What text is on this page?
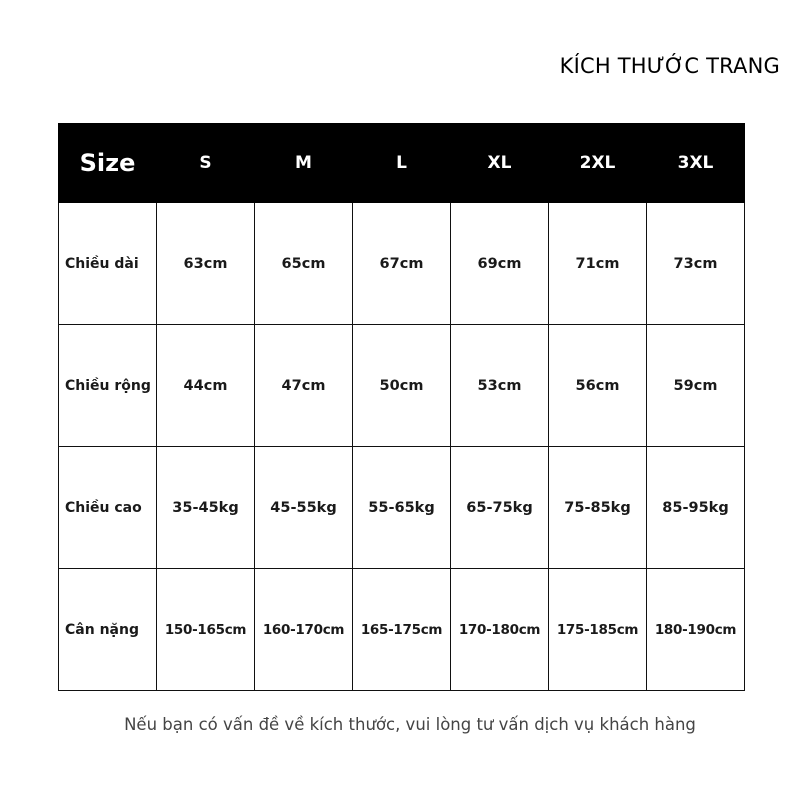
KÍCH THƯỚC TRANG
Size	S	M	L	XL	2XL	3XL
Chiều dài	63cm	65cm	67cm	69cm	71cm	73cm
Chiều rộng	44cm	47cm	50cm	53cm	56cm	59cm
Chiều cao	35-45kg	45-55kg	55-65kg	65-75kg	75-85kg	85-95kg
Cân nặng	150-165cm	160-170cm	165-175cm	170-180cm	175-185cm	180-190cm
Nếu bạn có vấn đề về kích thước, vui lòng tư vấn dịch vụ khách hàng
